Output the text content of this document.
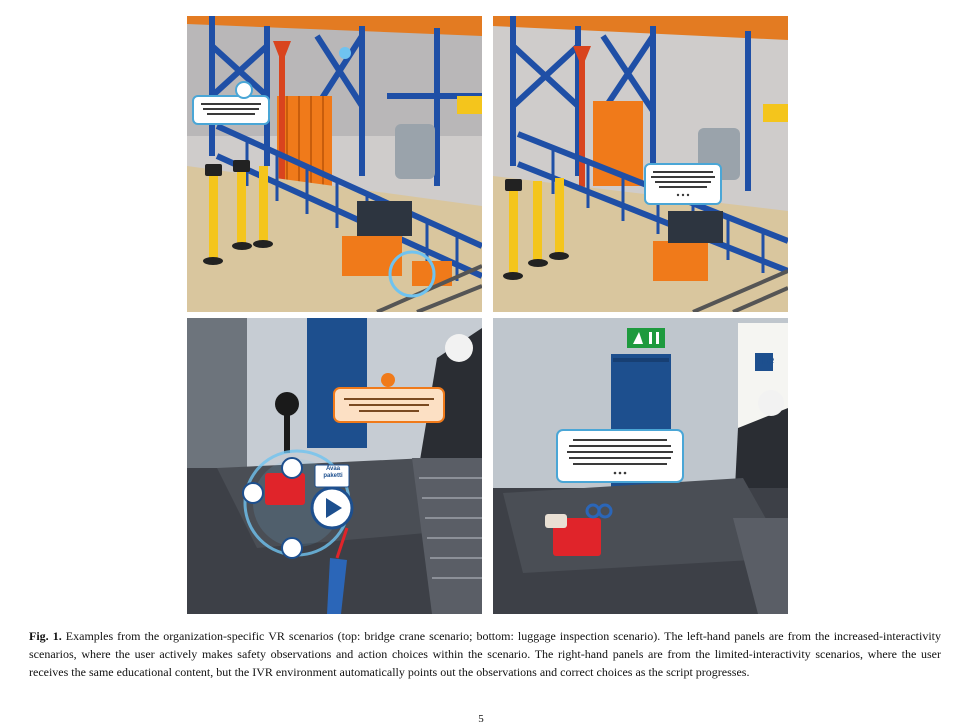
Avaa paketti
Te
Fig. 1. Examples from the organization-specific VR scenarios (top: bridge crane scenario; bottom: luggage inspection scenario). The left-hand panels are from the increased-interactivity scenarios, where the user actively makes safety observations and action choices within the scenario. The right-hand panels are from the limited-interactivity scenarios, where the user receives the same educational content, but the IVR environment automatically points out the observations and correct choices as the script progresses.
5
